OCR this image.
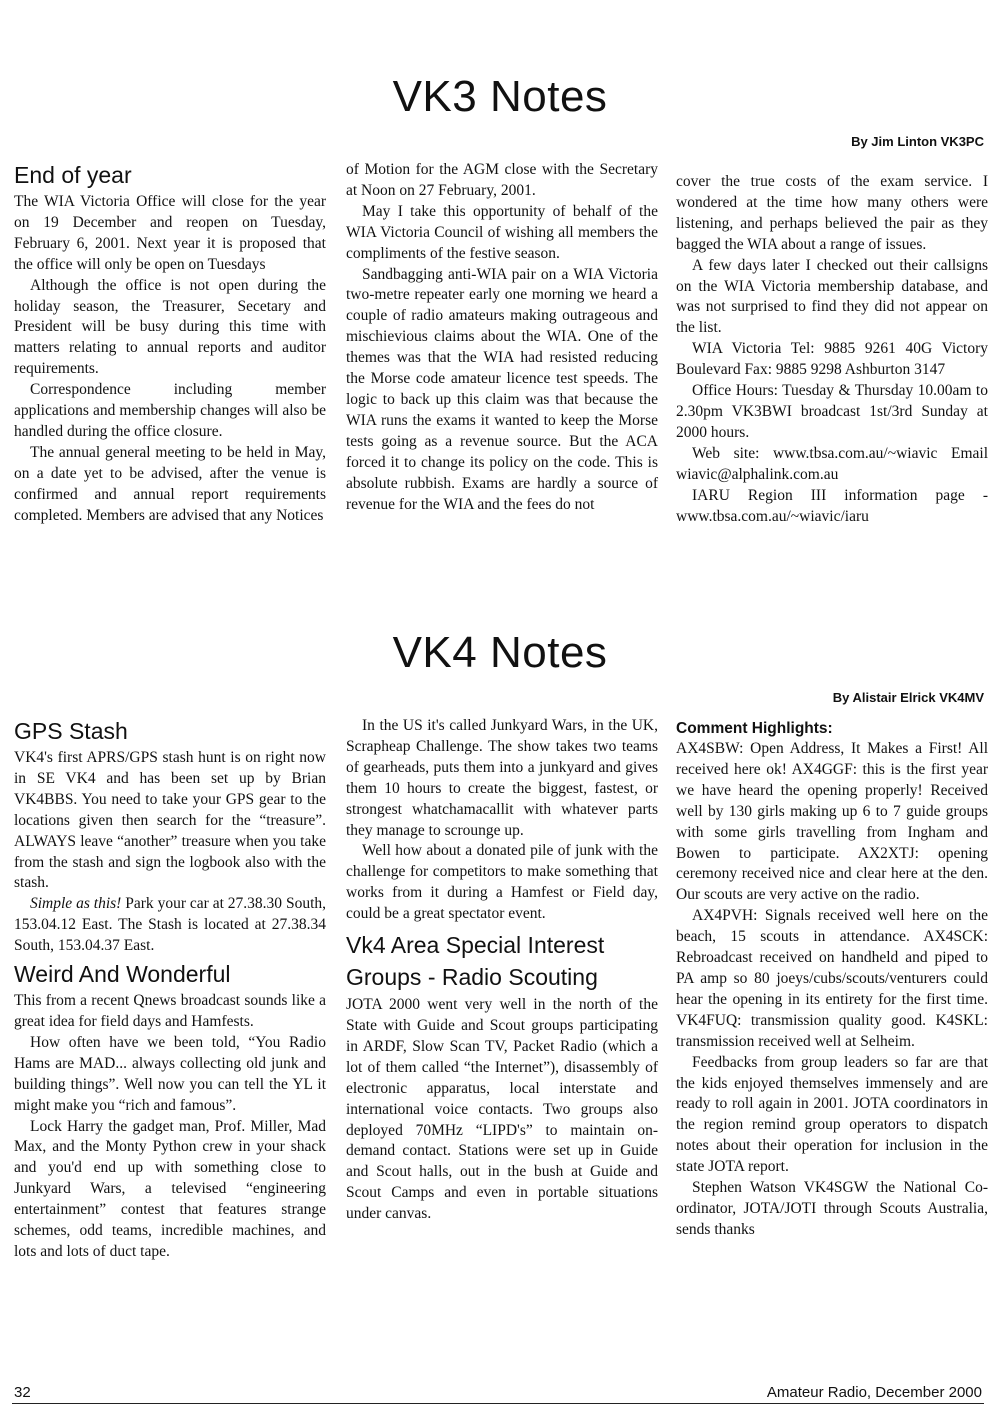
VK3 Notes
By Jim Linton VK3PC
End of year

The WIA Victoria Office will close for the year on 19 December and reopen on Tuesday, February 6, 2001. Next year it is proposed that the office will only be open on Tuesdays

Although the office is not open during the holiday season, the Treasurer, Secetary and President will be busy during this time with matters relating to annual reports and auditor requirements.

Correspondence including member applications and membership changes will also be handled during the office closure.

The annual general meeting to be held in May, on a date yet to be advised, after the venue is confirmed and annual report requirements completed. Members are advised that any Notices

of Motion for the AGM close with the Secretary at Noon on 27 February, 2001.

May I take this opportunity of behalf of the WIA Victoria Council of wishing all members the compliments of the festive season.

Sandbagging anti-WIA pair on a WIA Victoria two-metre repeater early one morning we heard a couple of radio amateurs making outrageous and mischievious claims about the WIA. One of the themes was that the WIA had resisted reducing the Morse code amateur licence test speeds. The logic to back up this claim was that because the WIA runs the exams it wanted to keep the Morse tests going as a revenue source. But the ACA forced it to change its policy on the code. This is absolute rubbish. Exams are hardly a source of revenue for the WIA and the fees do not

cover the true costs of the exam service. I wondered at the time how many others were listening, and perhaps believed the pair as they bagged the WIA about a range of issues.

A few days later I checked out their callsigns on the WIA Victoria membership database, and was not surprised to find they did not appear on the list.

WIA Victoria Tel: 9885 9261 40G Victory Boulevard Fax: 9885 9298 Ashburton 3147

Office Hours: Tuesday & Thursday 10.00am to 2.30pm VK3BWI broadcast 1st/3rd Sunday at 2000 hours.

Web site: www.tbsa.com.au/~wiavic Email wiavic@alphalink.com.au

IARU Region III information page - www.tbsa.com.au/~wiavic/iaru

VK4 Notes
By Alistair Elrick VK4MV
GPS Stash

VK4's first APRS/GPS stash hunt is on right now in SE VK4 and has been set up by Brian VK4BBS. You need to take your GPS gear to the locations given then search for the “treasure”. ALWAYS leave “another” treasure when you take from the stash and sign the logbook also with the stash.

Simple as this! Park your car at 27.38.30 South, 153.04.12 East. The Stash is located at 27.38.34 South, 153.04.37 East.

Weird And Wonderful

This from a recent Qnews broadcast sounds like a great idea for field days and Hamfests.

How often have we been told, “You Radio Hams are MAD... always collecting old junk and building things”. Well now you can tell the YL it might make you “rich and famous”.

Lock Harry the gadget man, Prof. Miller, Mad Max, and the Monty Python crew in your shack and you'd end up with something close to Junkyard Wars, a televised “engineering entertainment” contest that features strange schemes, odd teams, incredible machines, and lots and lots of duct tape.

In the US it's called Junkyard Wars, in the UK, Scrapheap Challenge. The show takes two teams of gearheads, puts them into a junkyard and gives them 10 hours to create the biggest, fastest, or strongest whatchamacallit with whatever parts they manage to scrounge up.

Well how about a donated pile of junk with the challenge for competitors to make something that works from it during a Hamfest or Field day, could be a great spectator event.

Vk4 Area Special Interest Groups - Radio Scouting

JOTA 2000 went very well in the north of the State with Guide and Scout groups participating in ARDF, Slow Scan TV, Packet Radio (which a lot of them called “the Internet”), disassembly of electronic apparatus, local interstate and international voice contacts. Two groups also deployed 70MHz “LIPD's” to maintain on-demand contact. Stations were set up in Guide and Scout halls, out in the bush at Guide and Scout Camps and even in portable situations under canvas.

Comment Highlights:

AX4SBW: Open Address, It Makes a First! All received here ok! AX4GGF: this is the first year we have heard the opening properly! Received well by 130 girls making up 6 to 7 guide groups with some girls travelling from Ingham and Bowen to participate. AX2XTJ: opening ceremony received nice and clear here at the den. Our scouts are very active on the radio.

AX4PVH: Signals received well here on the beach, 15 scouts in attendance. AX4SCK: Rebroadcast received on handheld and piped to PA amp so 80 joeys/cubs/scouts/venturers could hear the opening in its entirety for the first time. VK4FUQ: transmission quality good. K4SKL: transmission received well at Selheim.

Feedbacks from group leaders so far are that the kids enjoyed themselves immensely and are ready to roll again in 2001. JOTA coordinators in the region remind group operators to dispatch notes about their operation for inclusion in the state JOTA report.

Stephen Watson VK4SGW the National Co-ordinator, JOTA/JOTI through Scouts Australia, sends thanks

32	Amateur Radio, December 2000
